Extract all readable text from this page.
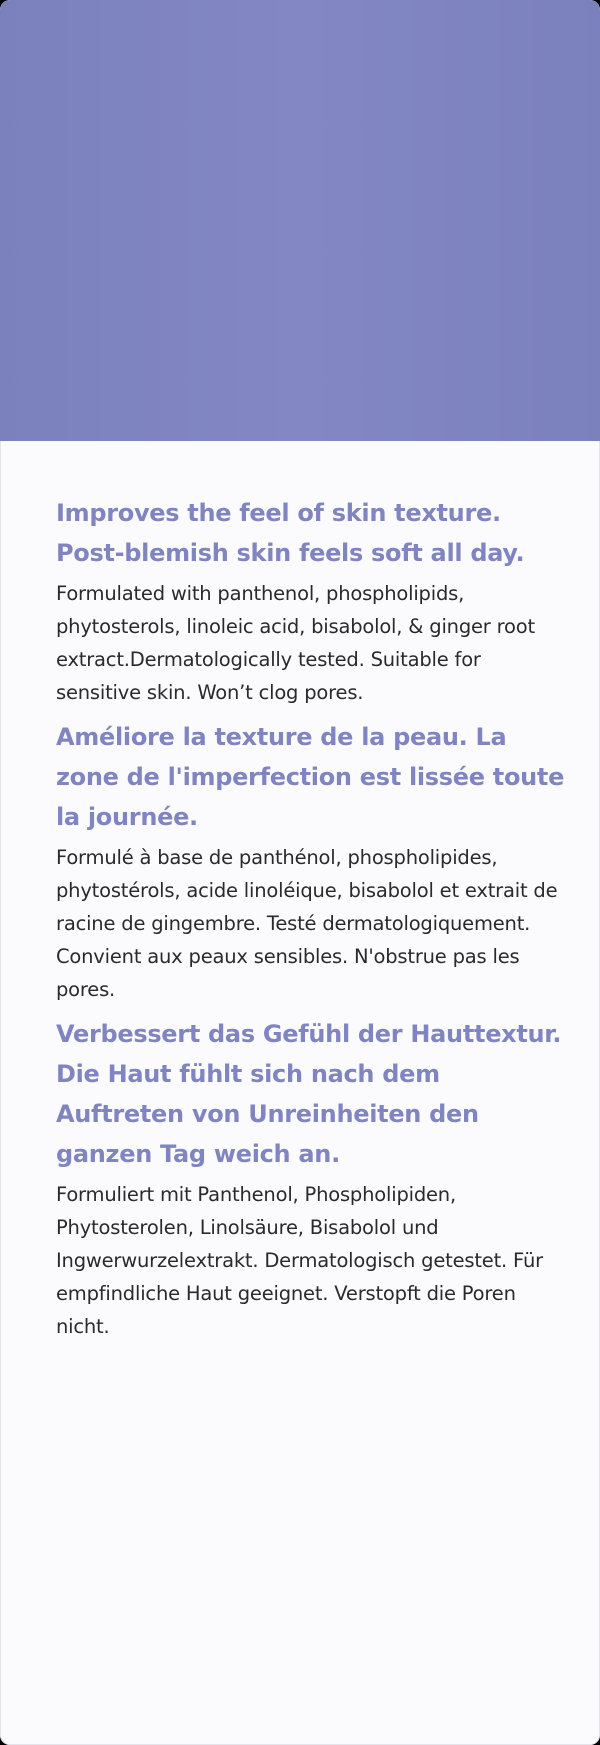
Improves the feel of skin texture. Post-blemish skin feels soft all day.

Formulated with panthenol, phospholipids, phytosterols, linoleic acid, bisabolol, & ginger root extract.Dermatologically tested. Suitable for sensitive skin. Won’t clog pores.

Améliore la texture de la peau. La zone de l'imperfection est lissée toute la journée.

Formulé à base de panthénol, phospholipides, phytostérols, acide linoléique, bisabolol et extrait de racine de gingembre. Testé dermatologiquement. Convient aux peaux sensibles. N'obstrue pas les pores.

Verbessert das Gefühl der Hauttextur. Die Haut fühlt sich nach dem Auftreten von Unreinheiten den ganzen Tag weich an.

Formuliert mit Panthenol, Phospholipiden, Phytosterolen, Linolsäure, Bisabolol und Ingwerwurzelextrakt. Dermatologisch getestet. Für empfindliche Haut geeignet. Verstopft die Poren nicht.
